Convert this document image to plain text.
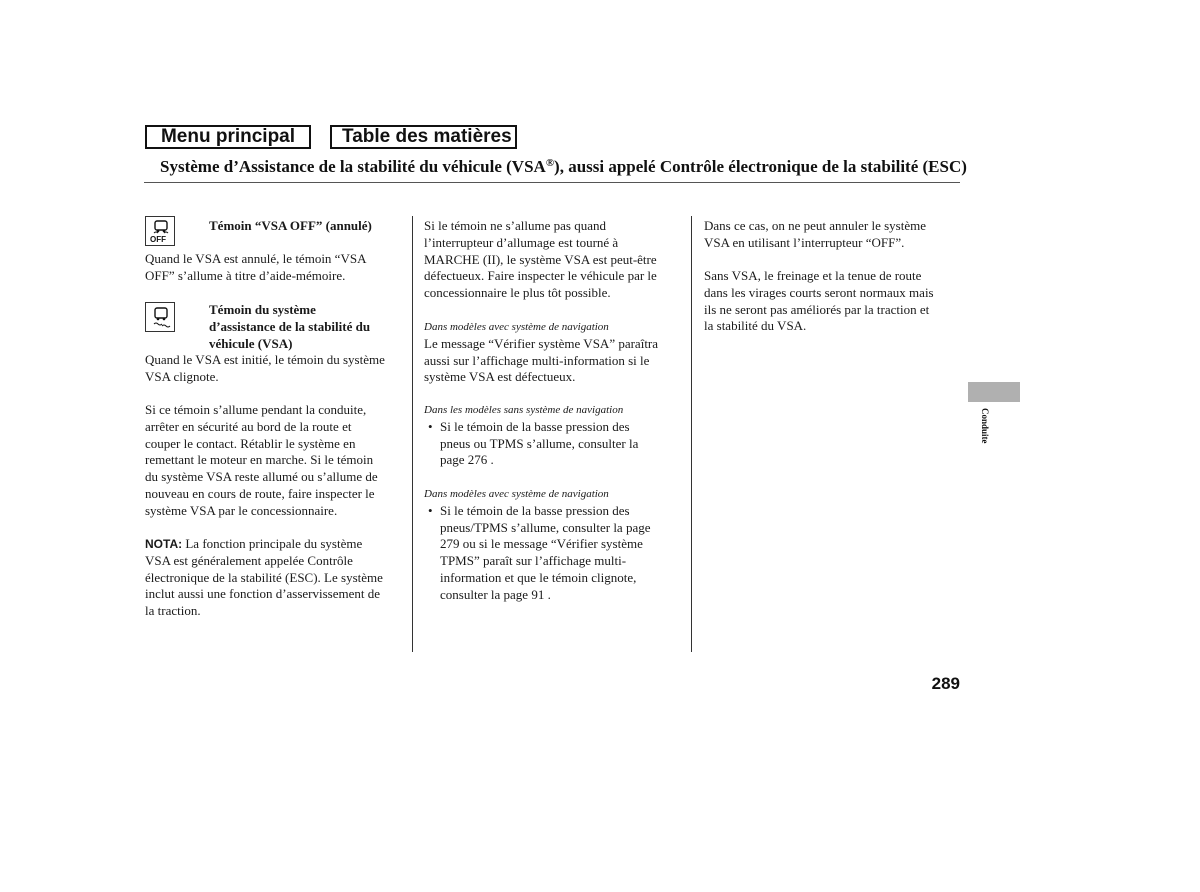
Menu principal	Table des matières
Système d’Assistance de la stabilité du véhicule (VSA®), aussi appelé Contrôle électronique de la stabilité (ESC)
OFF

Témoin “VSA OFF” (annulé)

Quand le VSA est annulé, le témoin “VSA

OFF” s’allume à titre d’aide-mémoire.

Témoin du système

d’assistance de la stabilité du

véhicule (VSA)

Quand le VSA est initié, le témoin du système

VSA clignote.

Si ce témoin s’allume pendant la conduite,

arrêter en sécurité au bord de la route et

couper le contact. Rétablir le système en

remettant le moteur en marche. Si le témoin

du système VSA reste allumé ou s’allume de

nouveau en cours de route, faire inspecter le

système VSA par le concessionnaire.

NOTA: La fonction principale du système

VSA est généralement appelée Contrôle

électronique de la stabilité (ESC). Le système

inclut aussi une fonction d’asservissement de

la traction.

Si le témoin ne s’allume pas quand

l’interrupteur d’allumage est tourné à

MARCHE (II), le système VSA est peut-être

défectueux. Faire inspecter le véhicule par le

concessionnaire le plus tôt possible.

Dans modèles avec système de navigation

Le message “Vérifier système VSA” paraîtra

aussi sur l’affichage multi-information si le

système VSA est défectueux.

Dans les modèles sans système de navigation

• Si le témoin de la basse pression des

pneus ou TPMS s’allume, consulter la

page 276 .

Dans modèles avec système de navigation

• Si le témoin de la basse pression des

pneus/TPMS s’allume, consulter la page

279 ou si le message “Vérifier système

TPMS” paraît sur l’affichage multi-

information et que le témoin clignote,

consulter la page 91 .

Dans ce cas, on ne peut annuler le système

VSA en utilisant l’interrupteur “OFF”.

Sans VSA, le freinage et la tenue de route

dans les virages courts seront normaux mais

ils ne seront pas améliorés par la traction et

la stabilité du VSA.

Conduite
289
